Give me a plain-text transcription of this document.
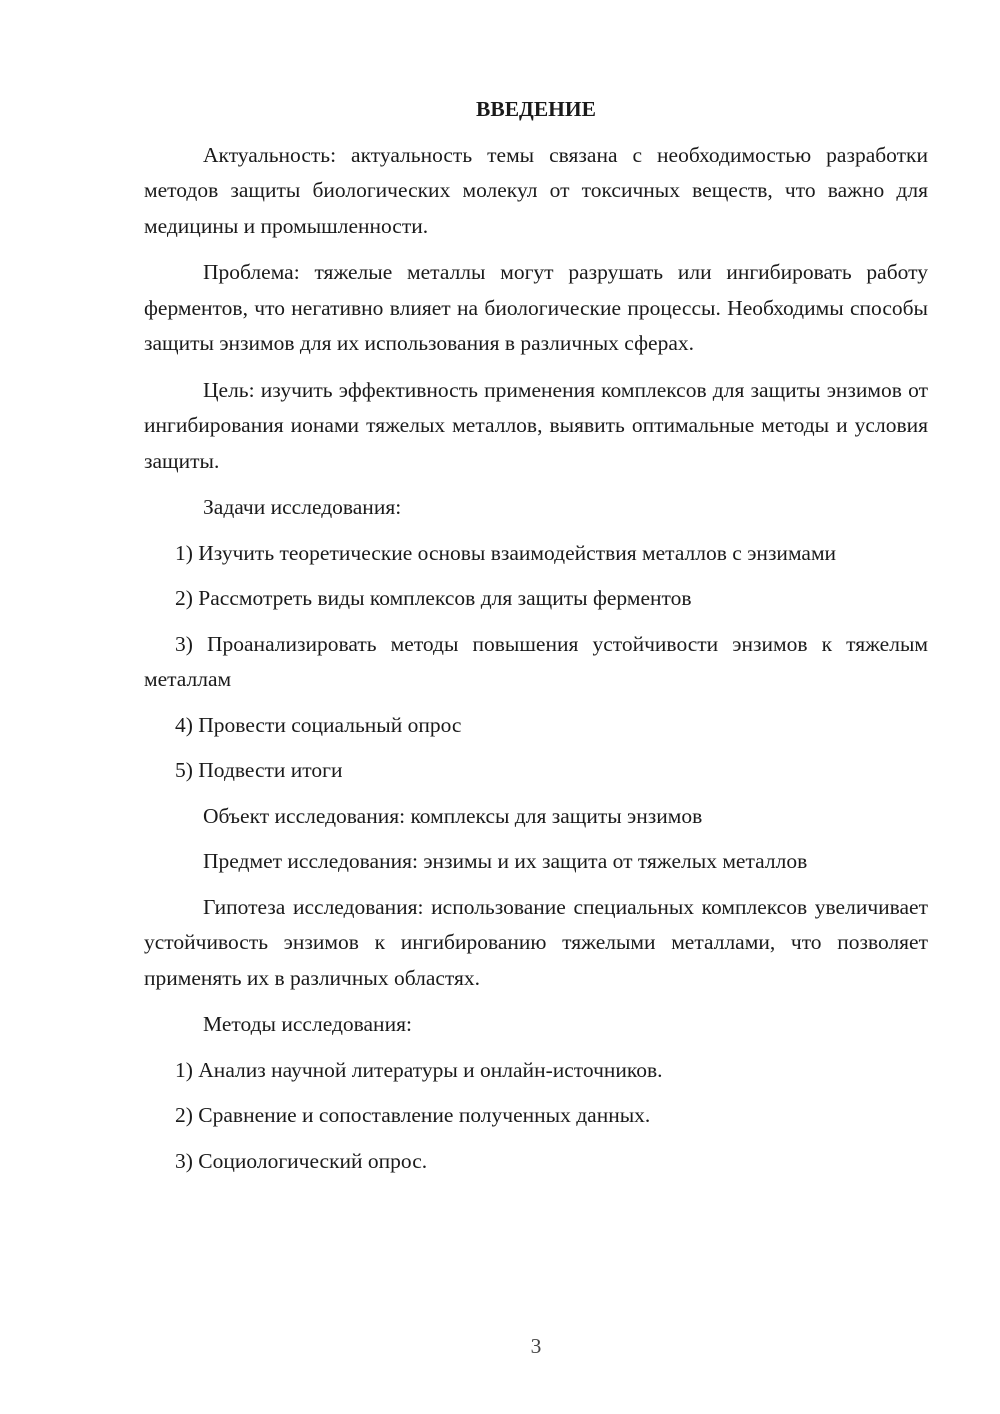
ВВЕДЕНИЕ

Актуальность: актуальность темы связана с необходимостью разработки методов защиты биологических молекул от токсичных веществ, что важно для медицины и промышленности.

Проблема: тяжелые металлы могут разрушать или ингибировать работу ферментов, что негативно влияет на биологические процессы. Необходимы способы защиты энзимов для их использования в различных сферах.

Цель: изучить эффективность применения комплексов для защиты энзимов от ингибирования ионами тяжелых металлов, выявить оптимальные методы и условия защиты.

Задачи исследования:

1) Изучить теоретические основы взаимодействия металлов с энзимами

2) Рассмотреть виды комплексов для защиты ферментов

3) Проанализировать методы повышения устойчивости энзимов к тяжелым металлам

4) Провести социальный опрос

5) Подвести итоги

Объект исследования: комплексы для защиты энзимов

Предмет исследования: энзимы и их защита от тяжелых металлов

Гипотеза исследования: использование специальных комплексов увеличивает устойчивость энзимов к ингибированию тяжелыми металлами, что позволяет применять их в различных областях.

Методы исследования:

1) Анализ научной литературы и онлайн-источников.

2) Сравнение и сопоставление полученных данных.

3) Социологический опрос.

3
